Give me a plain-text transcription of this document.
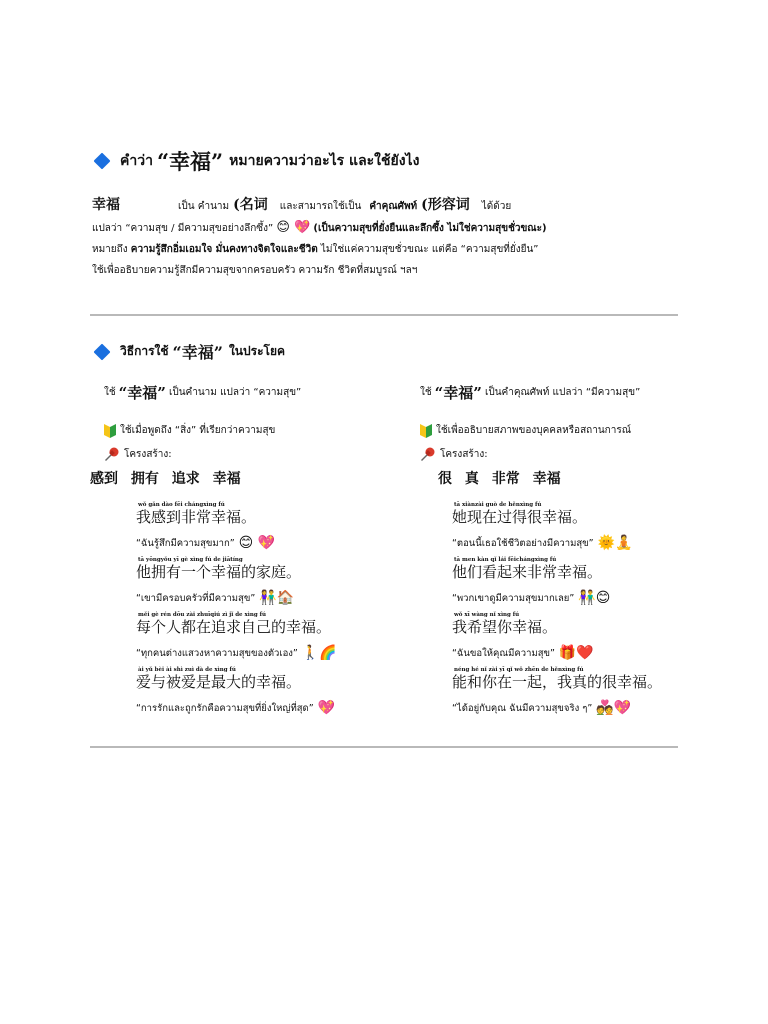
คำว่า “幸福” หมายความว่าอะไร และใช้ยังไง
幸福	เป็น คำนาม (名词 และสามารถใช้เป็น คำคุณศัพท์ (形容词 ได้ด้วย
แปลว่า “ความสุข / มีความสุขอย่างลึกซึ้ง” 😊 💖 (เป็นความสุขที่ยั่งยืนและลึกซึ้ง ไม่ใช่ความสุขชั่วขณะ)
หมายถึง ความรู้สึกอิ่มเอมใจ มั่นคงทางจิตใจและชีวิต ไม่ใช่แค่ความสุขชั่วขณะ แต่คือ “ความสุขที่ยั่งยืน”
ใช้เพื่ออธิบายความรู้สึกมีความสุขจากครอบครัว ความรัก ชีวิตที่สมบูรณ์ ฯลฯ
วิธีการใช้ “幸福” ในประโยค
ใช้ “幸福” เป็นคำนาม แปลว่า “ความสุข”
ใช้เมื่อพูดถึง “สิ่ง” ที่เรียกว่าความสุข
โครงสร้าง:
感到 拥有 追求 幸福
wǒ gǎn dào fēi chángxìng fú
我感到非常幸福。
“ฉันรู้สึกมีความสุขมาก” 😊 💖
tā yōngyǒu yī gè xìng fú de jiātíng
他拥有一个幸福的家庭。
“เขามีครอบครัวที่มีความสุข” 👫🏠
měi gè rén dōu zài zhuīqiú zì jǐ de xìng fú
每个人都在追求自己的幸福。
“ทุกคนต่างแสวงหาความสุขของตัวเอง” 🚶🌈
ài yǔ bèi ài shì zuì dà de xìng fú
爱与被爱是最大的幸福。
“การรักและถูกรักคือความสุขที่ยิ่งใหญ่ที่สุด” 💖
ใช้ “幸福” เป็นคำคุณศัพท์ แปลว่า “มีความสุข”
ใช้เพื่ออธิบายสภาพของบุคคลหรือสถานการณ์
โครงสร้าง:
很 真 非常 幸福
tā xiànzài guò de hěnxìng fú
她现在过得很幸福。
“ตอนนี้เธอใช้ชีวิตอย่างมีความสุข” 🌞🧘
tā men kàn qǐ lái fēichángxìng fú
他们看起来非常幸福。
“พวกเขาดูมีความสุขมากเลย” 👫😊
wǒ xī wàng nǐ xìng fú
我希望你幸福。
“ฉันขอให้คุณมีความสุข” 🎁❤️
néng hé nǐ zài yī qǐ wǒ zhēn de hěnxìng fú
能和你在一起，我真的很幸福。
“ได้อยู่กับคุณ ฉันมีความสุขจริง ๆ” 💑💖
